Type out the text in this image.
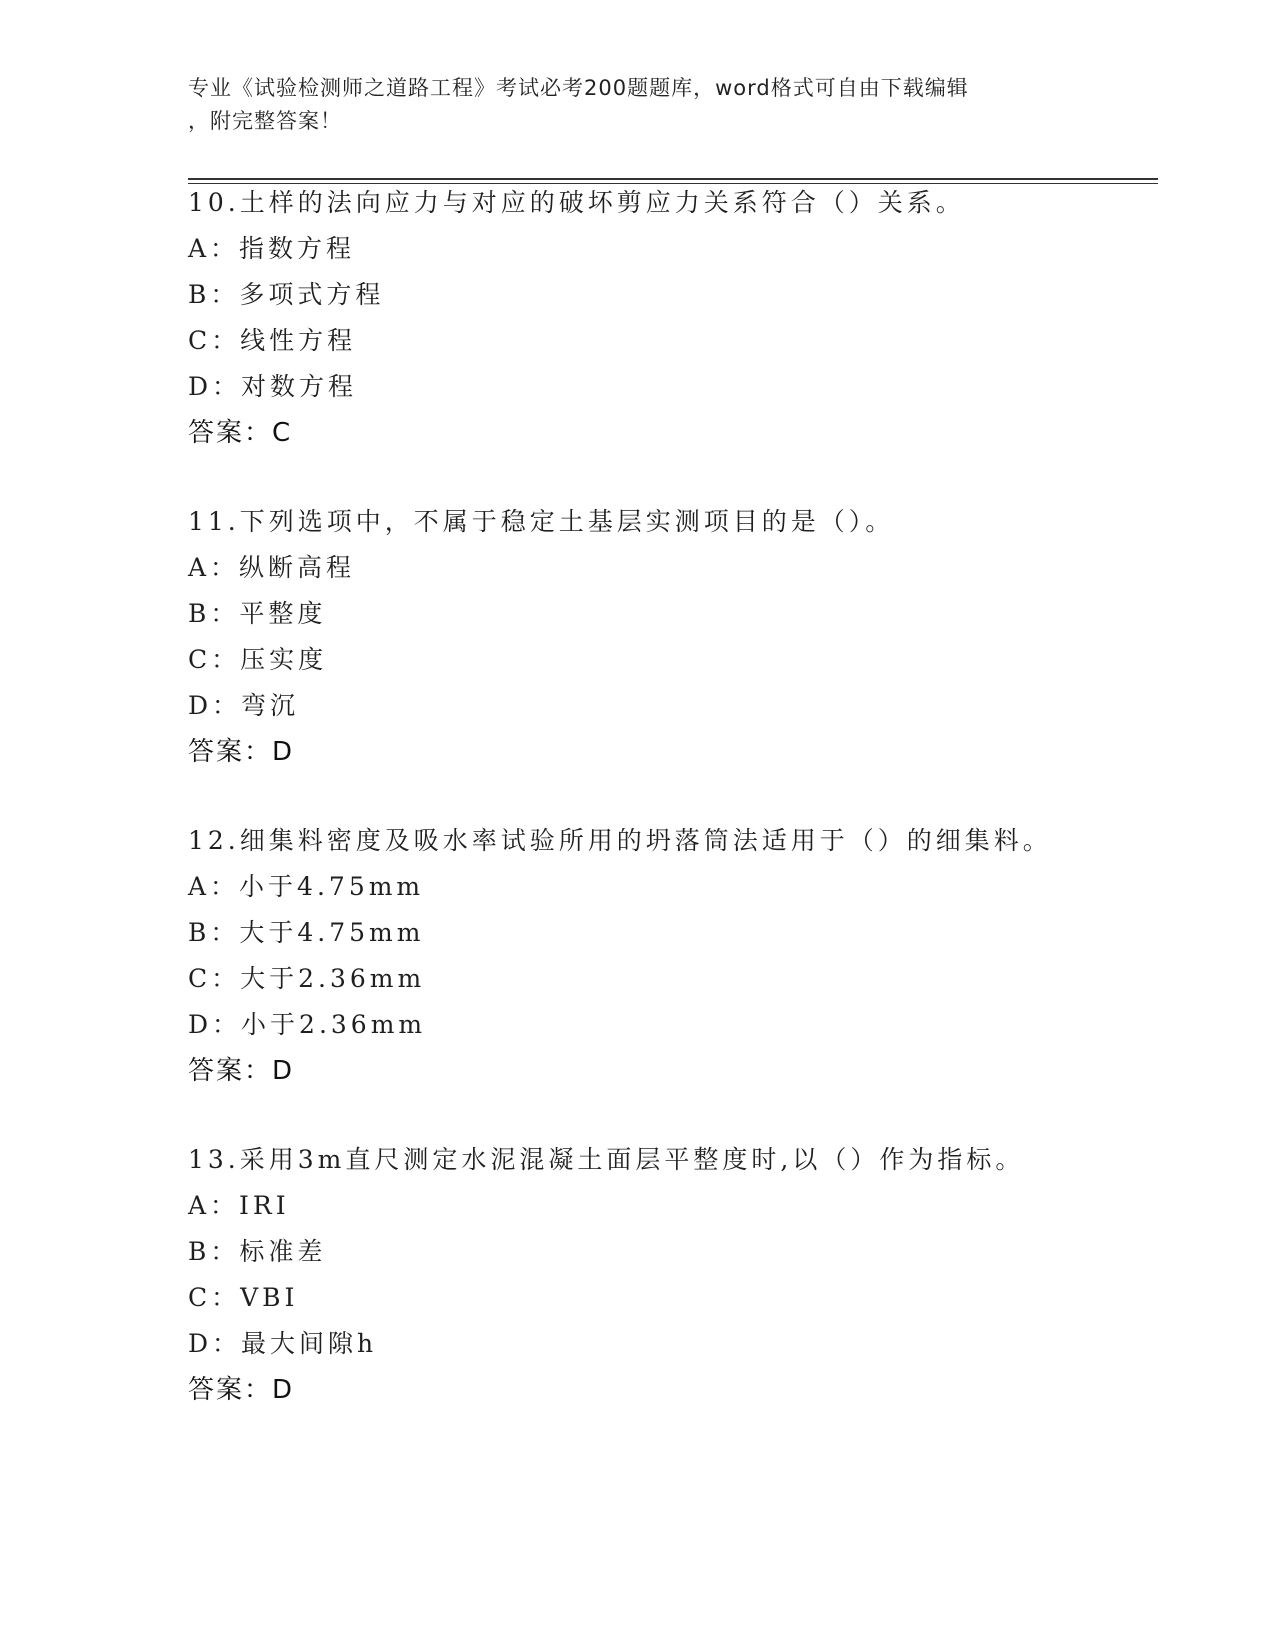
专业《试验检测师之道路工程》考试必考200题题库，word格式可自由下载编辑
，附完整答案！
10.土样的法向应力与对应的破坏剪应力关系符合（）关系。
A：指数方程
B：多项式方程
C：线性方程
D：对数方程
答案：C
11.下列选项中，不属于稳定土基层实测项目的是（）。
A：纵断高程
B：平整度
C：压实度
D：弯沉
答案：D
12.细集料密度及吸水率试验所用的坍落筒法适用于（）的细集料。
A：小于4.75mm
B：大于4.75mm
C：大于2.36mm
D：小于2.36mm
答案：D
13.采用3m直尺测定水泥混凝土面层平整度时,以（）作为指标。
A：IRI
B：标准差
C：VBI
D：最大间隙h
答案：D
